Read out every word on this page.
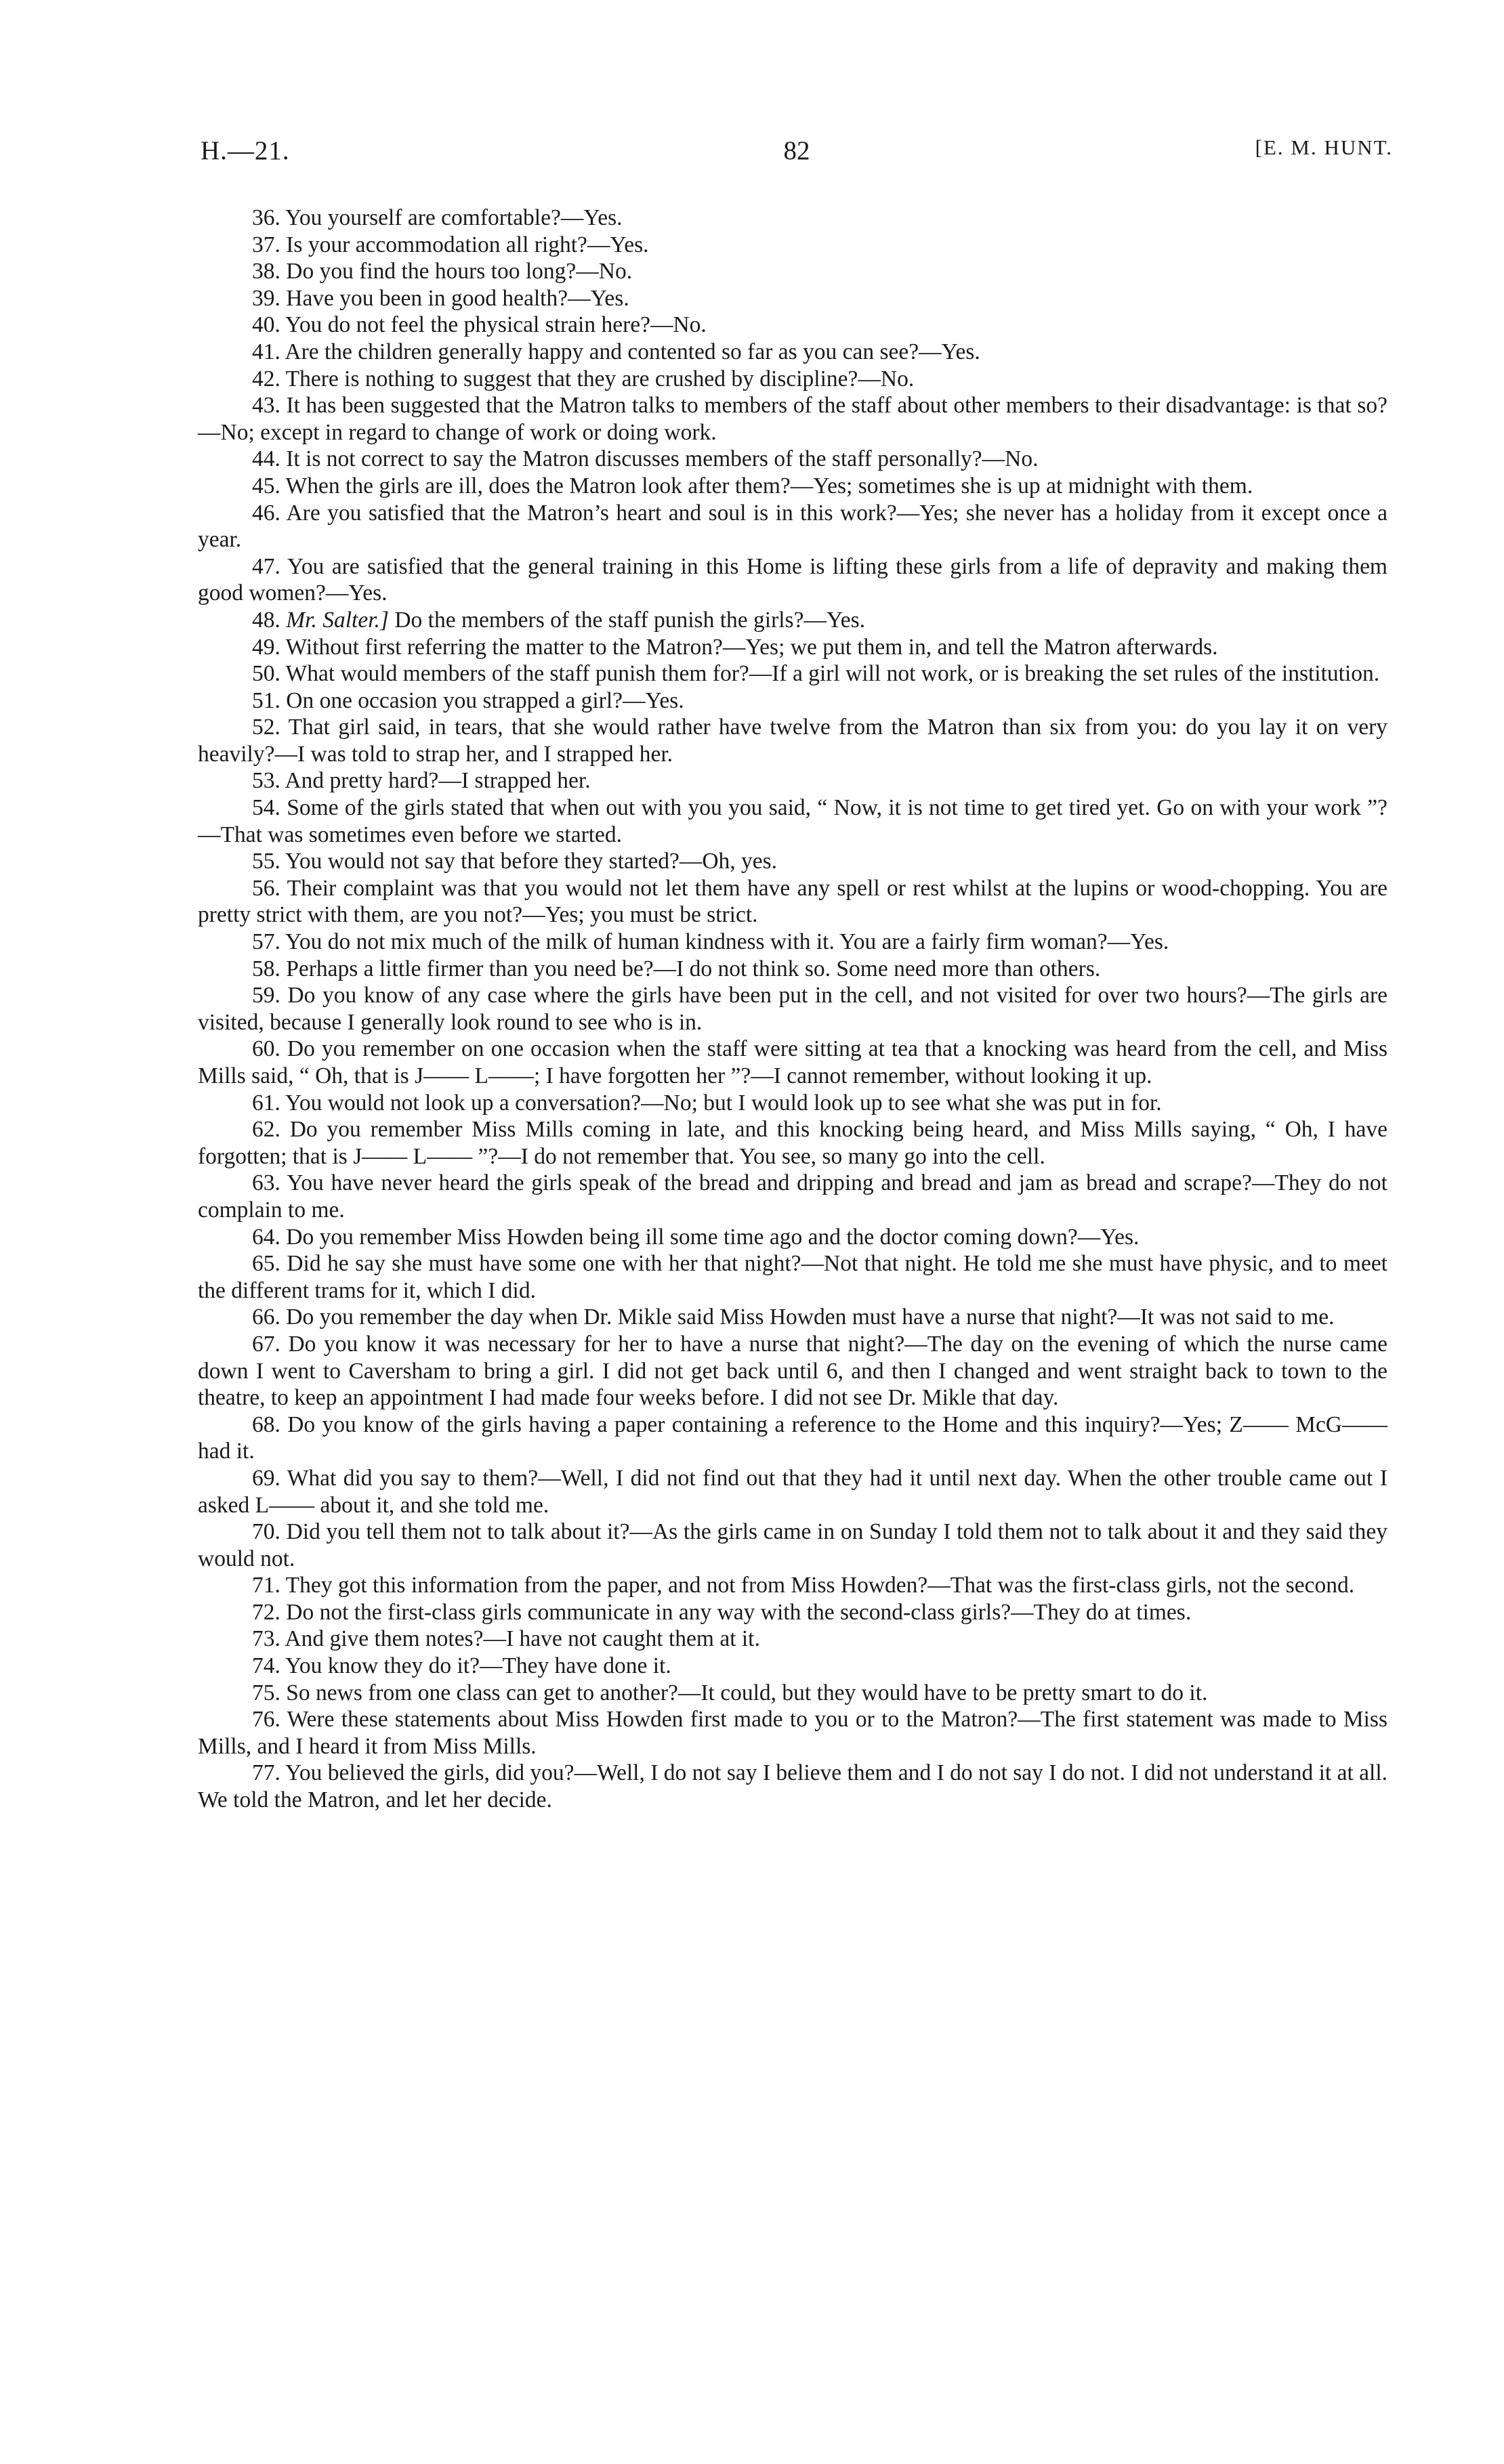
H.—21.	82	[E. M. HUNT.

36. You yourself are comfortable?—Yes.

37. Is your accommodation all right?—Yes.

38. Do you find the hours too long?—No.

39. Have you been in good health?—Yes.

40. You do not feel the physical strain here?—No.

41. Are the children generally happy and contented so far as you can see?—Yes.

42. There is nothing to suggest that they are crushed by discipline?—No.

43. It has been suggested that the Matron talks to members of the staff about other members to their disadvantage: is that so?—No; except in regard to change of work or doing work.

44. It is not correct to say the Matron discusses members of the staff personally?—No.

45. When the girls are ill, does the Matron look after them?—Yes; sometimes she is up at midnight with them.

46. Are you satisfied that the Matron’s heart and soul is in this work?—Yes; she never has a holiday from it except once a year.

47. You are satisfied that the general training in this Home is lifting these girls from a life of depravity and making them good women?—Yes.

48. Mr. Salter.] Do the members of the staff punish the girls?—Yes.

49. Without first referring the matter to the Matron?—Yes; we put them in, and tell the Matron afterwards.

50. What would members of the staff punish them for?—If a girl will not work, or is breaking the set rules of the institution.

51. On one occasion you strapped a girl?—Yes.

52. That girl said, in tears, that she would rather have twelve from the Matron than six from you: do you lay it on very heavily?—I was told to strap her, and I strapped her.

53. And pretty hard?—I strapped her.

54. Some of the girls stated that when out with you you said, “ Now, it is not time to get tired yet. Go on with your work ”?—That was sometimes even before we started.

55. You would not say that before they started?—Oh, yes.

56. Their complaint was that you would not let them have any spell or rest whilst at the lupins or wood-chopping. You are pretty strict with them, are you not?—Yes; you must be strict.

57. You do not mix much of the milk of human kindness with it. You are a fairly firm woman?—Yes.

58. Perhaps a little firmer than you need be?—I do not think so. Some need more than others.

59. Do you know of any case where the girls have been put in the cell, and not visited for over two hours?—The girls are visited, because I generally look round to see who is in.

60. Do you remember on one occasion when the staff were sitting at tea that a knocking was heard from the cell, and Miss Mills said, “ Oh, that is J—— L——; I have forgotten her ”?—I cannot remember, without looking it up.

61. You would not look up a conversation?—No; but I would look up to see what she was put in for.

62. Do you remember Miss Mills coming in late, and this knocking being heard, and Miss Mills saying, “ Oh, I have forgotten; that is J—— L—— ”?—I do not remember that. You see, so many go into the cell.

63. You have never heard the girls speak of the bread and dripping and bread and jam as bread and scrape?—They do not complain to me.

64. Do you remember Miss Howden being ill some time ago and the doctor coming down?—Yes.

65. Did he say she must have some one with her that night?—Not that night. He told me she must have physic, and to meet the different trams for it, which I did.

66. Do you remember the day when Dr. Mikle said Miss Howden must have a nurse that night?—It was not said to me.

67. Do you know it was necessary for her to have a nurse that night?—The day on the evening of which the nurse came down I went to Caversham to bring a girl. I did not get back until 6, and then I changed and went straight back to town to the theatre, to keep an appointment I had made four weeks before. I did not see Dr. Mikle that day.

68. Do you know of the girls having a paper containing a reference to the Home and this inquiry?—Yes; Z—— McG—— had it.

69. What did you say to them?—Well, I did not find out that they had it until next day. When the other trouble came out I asked L—— about it, and she told me.

70. Did you tell them not to talk about it?—As the girls came in on Sunday I told them not to talk about it and they said they would not.

71. They got this information from the paper, and not from Miss Howden?—That was the first-class girls, not the second.

72. Do not the first-class girls communicate in any way with the second-class girls?—They do at times.

73. And give them notes?—I have not caught them at it.

74. You know they do it?—They have done it.

75. So news from one class can get to another?—It could, but they would have to be pretty smart to do it.

76. Were these statements about Miss Howden first made to you or to the Matron?—The first statement was made to Miss Mills, and I heard it from Miss Mills.

77. You believed the girls, did you?—Well, I do not say I believe them and I do not say I do not. I did not understand it at all. We told the Matron, and let her decide.
